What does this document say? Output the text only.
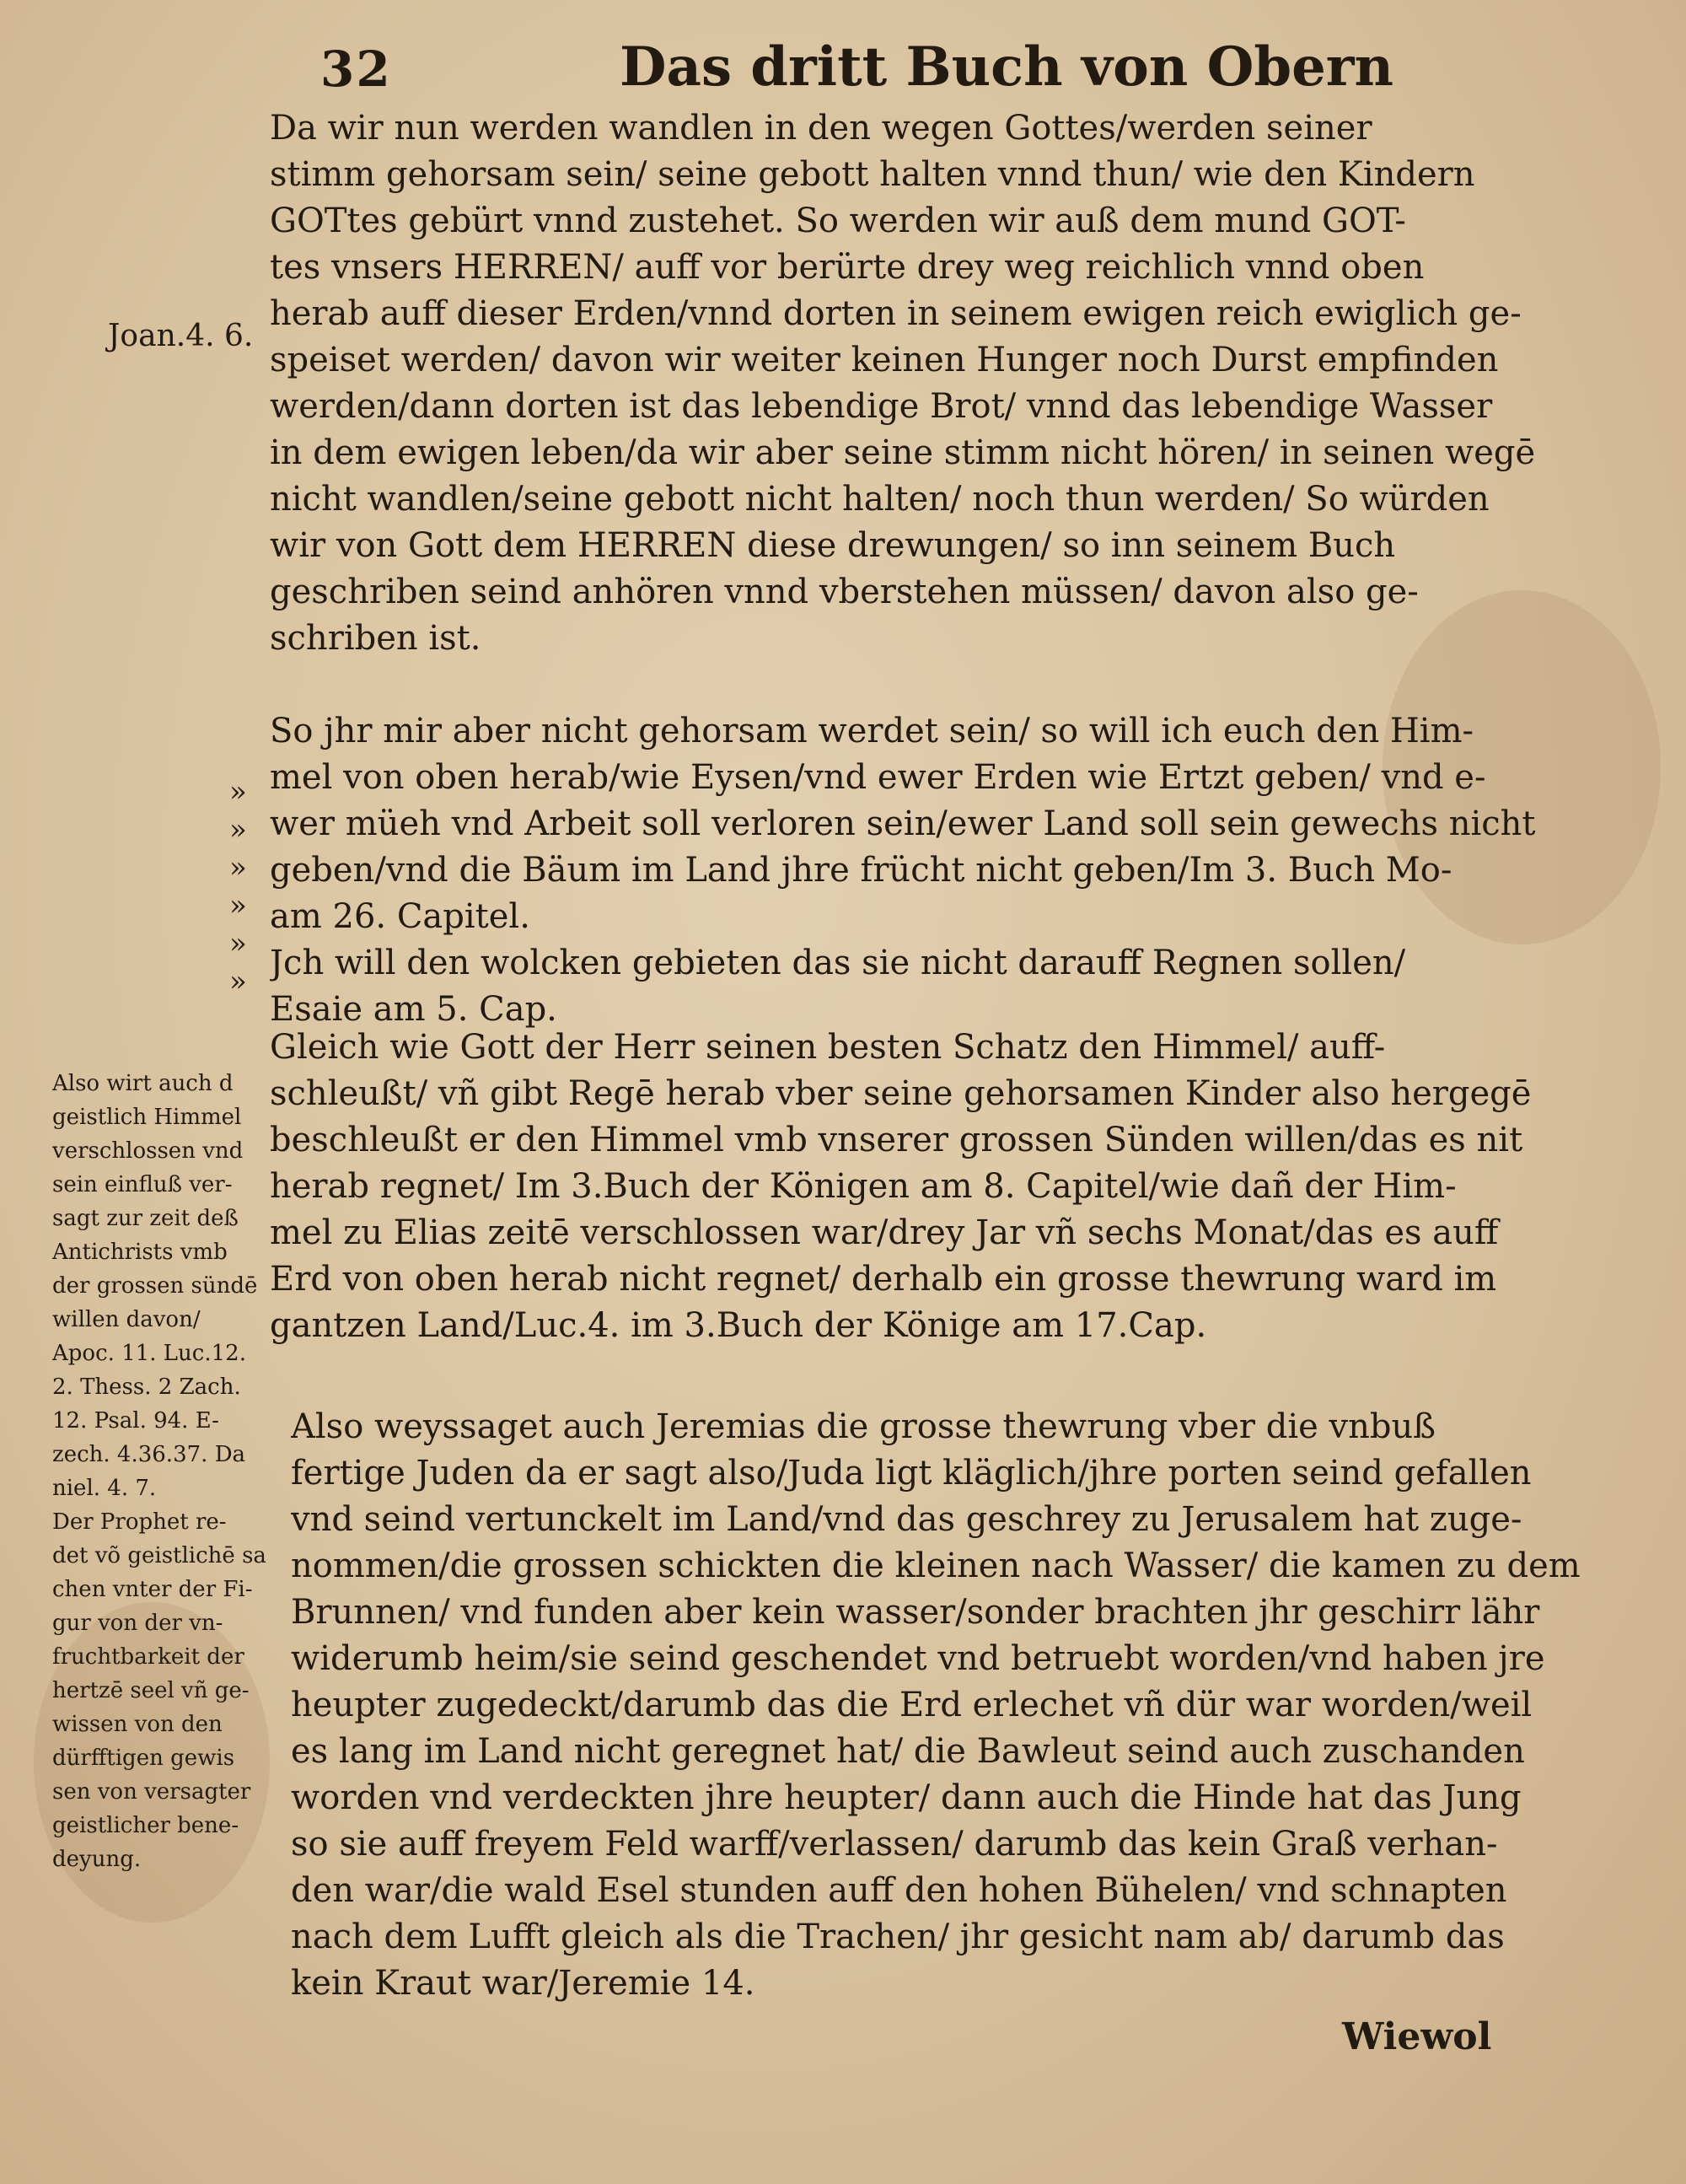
32	Das dritt Buch von Obern
Joan.4. 6.

Da wir nun werden wandlen in den wegen Gottes/werden seiner
stimm gehorsam sein/ seine gebott halten vnnd thun/ wie den Kindern
GOTtes gebürt vnnd zustehet. So werden wir auß dem mund GOT-
tes vnsers HERREN/ auff vor berürte drey weg reichlich vnnd oben
herab auff dieser Erden/vnnd dorten in seinem ewigen reich ewiglich ge-
speiset werden/ davon wir weiter keinen Hunger noch Durst empfinden
werden/dann dorten ist das lebendige Brot/ vnnd das lebendige Wasser
in dem ewigen leben/da wir aber seine stimm nicht hören/ in seinen wegē
nicht wandlen/seine gebott nicht halten/ noch thun werden/ So würden
wir von Gott dem HERREN diese drewungen/ so inn seinem Buch
geschriben seind anhören vnnd vberstehen müssen/ davon also ge-
schriben ist.

»
»
»
»
»
»

So jhr mir aber nicht gehorsam werdet sein/ so will ich euch den Him-
mel von oben herab/wie Eysen/vnd ewer Erden wie Ertzt geben/ vnd e-
wer müeh vnd Arbeit soll verloren sein/ewer Land soll sein gewechs nicht
geben/vnd die Bäum im Land jhre frücht nicht geben/Im 3. Buch Mo-
am 26. Capitel.
Jch will den wolcken gebieten das sie nicht darauff Regnen sollen/
Esaie am 5. Cap.

Also wirt auch d
geistlich Himmel
verschlossen vnd
sein einfluß ver-
sagt zur zeit deß
Antichrists vmb
der grossen sündē
willen davon/
Apoc. 11. Luc.12.
2. Thess. 2 Zach.
12. Psal. 94. E-
zech. 4.36.37. Da
niel. 4. 7.
Der Prophet re-
det võ geistlichē sa
chen vnter der Fi-
gur von der vn-
fruchtbarkeit der
hertzē seel vñ ge-
wissen von den
dürfftigen gewis
sen von versagter
geistlicher bene-
deyung.

Gleich wie Gott der Herr seinen besten Schatz den Himmel/ auff-
schleußt/ vñ gibt Regē herab vber seine gehorsamen Kinder also hergegē
beschleußt er den Himmel vmb vnserer grossen Sünden willen/das es nit
herab regnet/ Im 3.Buch der Königen am 8. Capitel/wie dañ der Him-
mel zu Elias zeitē verschlossen war/drey Jar vñ sechs Monat/das es auff
Erd von oben herab nicht regnet/ derhalb ein grosse thewrung ward im
gantzen Land/Luc.4. im 3.Buch der Könige am 17.Cap.

Also weyssaget auch Jeremias die grosse thewrung vber die vnbuß
fertige Juden da er sagt also/Juda ligt kläglich/jhre porten seind gefallen
vnd seind vertunckelt im Land/vnd das geschrey zu Jerusalem hat zuge-
nommen/die grossen schickten die kleinen nach Wasser/ die kamen zu dem
Brunnen/ vnd funden aber kein wasser/sonder brachten jhr geschirr lähr
widerumb heim/sie seind geschendet vnd betruebt worden/vnd haben jre
heupter zugedeckt/darumb das die Erd erlechet vñ dür war worden/weil
es lang im Land nicht geregnet hat/ die Bawleut seind auch zuschanden
worden vnd verdeckten jhre heupter/ dann auch die Hinde hat das Jung
so sie auff freyem Feld warff/verlassen/ darumb das kein Graß verhan-
den war/die wald Esel stunden auff den hohen Bühelen/ vnd schnapten
nach dem Lufft gleich als die Trachen/ jhr gesicht nam ab/ darumb das
kein Kraut war/Jeremie 14.

Wiewol
